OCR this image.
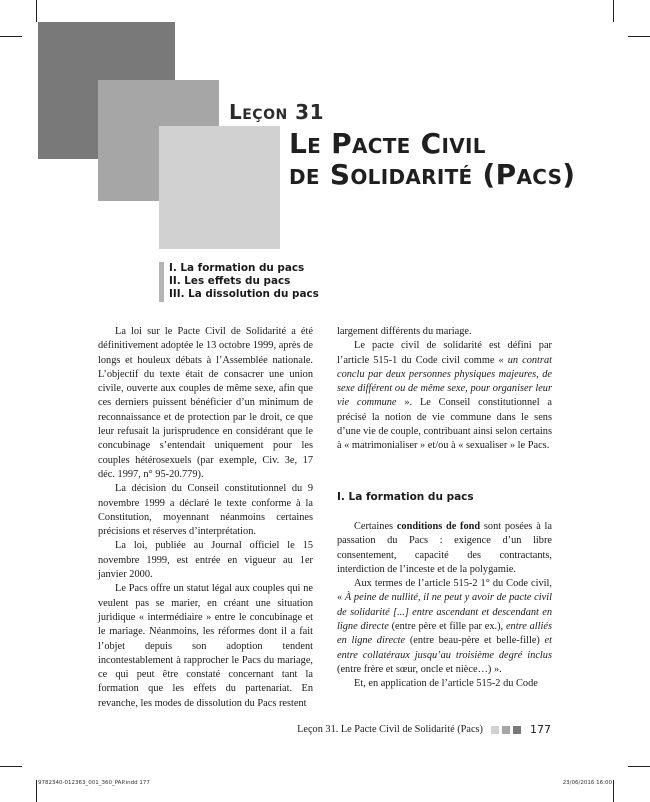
Leçon 31
Le Pacte Civil
de Solidarité (Pacs)
I. La formation du pacs
II. Les effets du pacs
III. La dissolution du pacs

La loi sur le Pacte Civil de Solidarité a été définitivement adoptée le 13 octobre 1999, après de longs et houleux débats à l’Assemblée nationale. L’objectif du texte était de consacrer une union civile, ouverte aux couples de même sexe, afin que ces derniers puissent bénéficier d’un minimum de reconnaissance et de protection par le droit, ce que leur refusait la jurisprudence en considérant que le concubinage s’entendait uniquement pour les couples hétérosexuels (par exemple, Civ. 3e, 17 déc. 1997, n° 95-20.779).

La décision du Conseil constitutionnel du 9 novembre 1999 a déclaré le texte conforme à la Constitution, moyennant néanmoins certaines précisions et réserves d’interprétation.

La loi, publiée au Journal officiel le 15 novembre 1999, est entrée en vigueur au 1er janvier 2000.

Le Pacs offre un statut légal aux couples qui ne veulent pas se marier, en créant une situation juridique « intermédiaire » entre le concubinage et le mariage. Néanmoins, les réformes dont il a fait l’objet depuis son adoption tendent incontestablement à rapprocher le Pacs du mariage, ce qui peut être constaté concernant tant la formation que les effets du partenariat. En revanche, les modes de dissolution du Pacs restent

largement différents du mariage.

Le pacte civil de solidarité est défini par l’article 515-1 du Code civil comme « un contrat conclu par deux personnes physiques majeures, de sexe différent ou de même sexe, pour organiser leur vie commune ». Le Conseil constitutionnel a précisé la notion de vie commune dans le sens d’une vie de couple, contribuant ainsi selon certains à « matrimonialiser » et/ou à « sexualiser » le Pacs.

I. La formation du pacs

Certaines conditions de fond sont posées à la passation du Pacs : exigence d’un libre consentement, capacité des contractants, interdiction de l’inceste et de la polygamie.

Aux termes de l’article 515-2 1° du Code civil, « À peine de nullité, il ne peut y avoir de pacte civil de solidarité [...] entre ascendant et descendant en ligne directe (entre père et fille par ex.), entre alliés en ligne directe (entre beau-père et belle-fille) et entre collatéraux jusqu’au troisième degré inclus (entre frère et sœur, oncle et nièce…) ».

Et, en application de l’article 515-2 du Code

Leçon 31. Le Pacte Civil de Solidarité (Pacs)	177
9782340-012363_001_360_PAP.indd 177	23/06/2016 16:00
